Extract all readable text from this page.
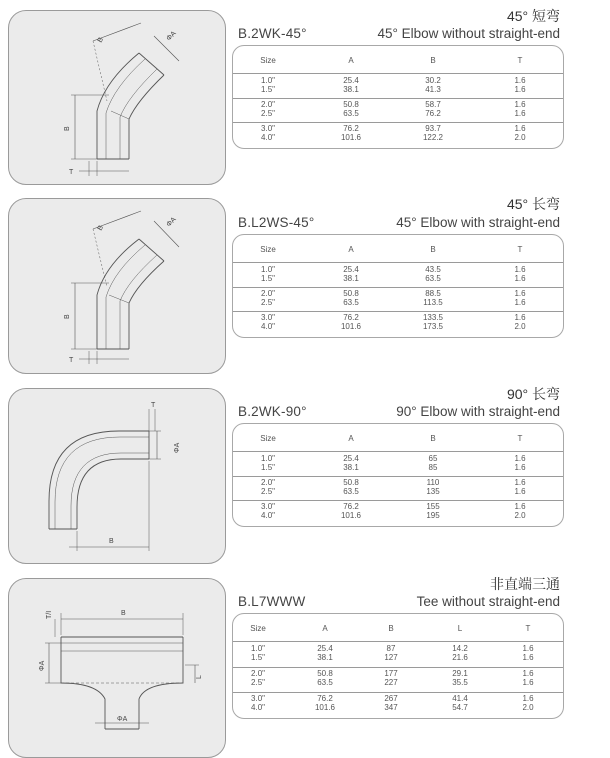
B	ΦA
B
T
45° 短弯
B.2WK-45°	45° Elbow without straight-end
Size	A	B	T
1.0"	25.4	30.2	1.6
1.5"	38.1	41.3	1.6
2.0"	50.8	58.7	1.6
2.5"	63.5	76.2	1.6
3.0"	76.2	93.7	1.6
4.0"	101.6	122.2	2.0
B	ΦA
B
T
45° 长弯
B.L2WS-45°	45° Elbow with straight-end
Size	A	B	T
1.0"	25.4	43.5	1.6
1.5"	38.1	63.5	1.6
2.0"	50.8	88.5	1.6
2.5"	63.5	113.5	1.6
3.0"	76.2	133.5	1.6
4.0"	101.6	173.5	2.0
T
ΦA
B
90° 长弯
B.2WK-90°	90° Elbow with straight-end
Size	A	B	T
1.0"	25.4	65	1.6
1.5"	38.1	85	1.6
2.0"	50.8	110	1.6
2.5"	63.5	135	1.6
3.0"	76.2	155	1.6
4.0"	101.6	195	2.0
B
T/I
ΦA
L
ΦA
非直端三通
B.L7WWW	Tee without straight-end
Size	A	B	L	T
1.0"	25.4	87	14.2	1.6
1.5"	38.1	127	21.6	1.6
2.0"	50.8	177	29.1	1.6
2.5"	63.5	227	35.5	1.6
3.0"	76.2	267	41.4	1.6
4.0"	101.6	347	54.7	2.0
